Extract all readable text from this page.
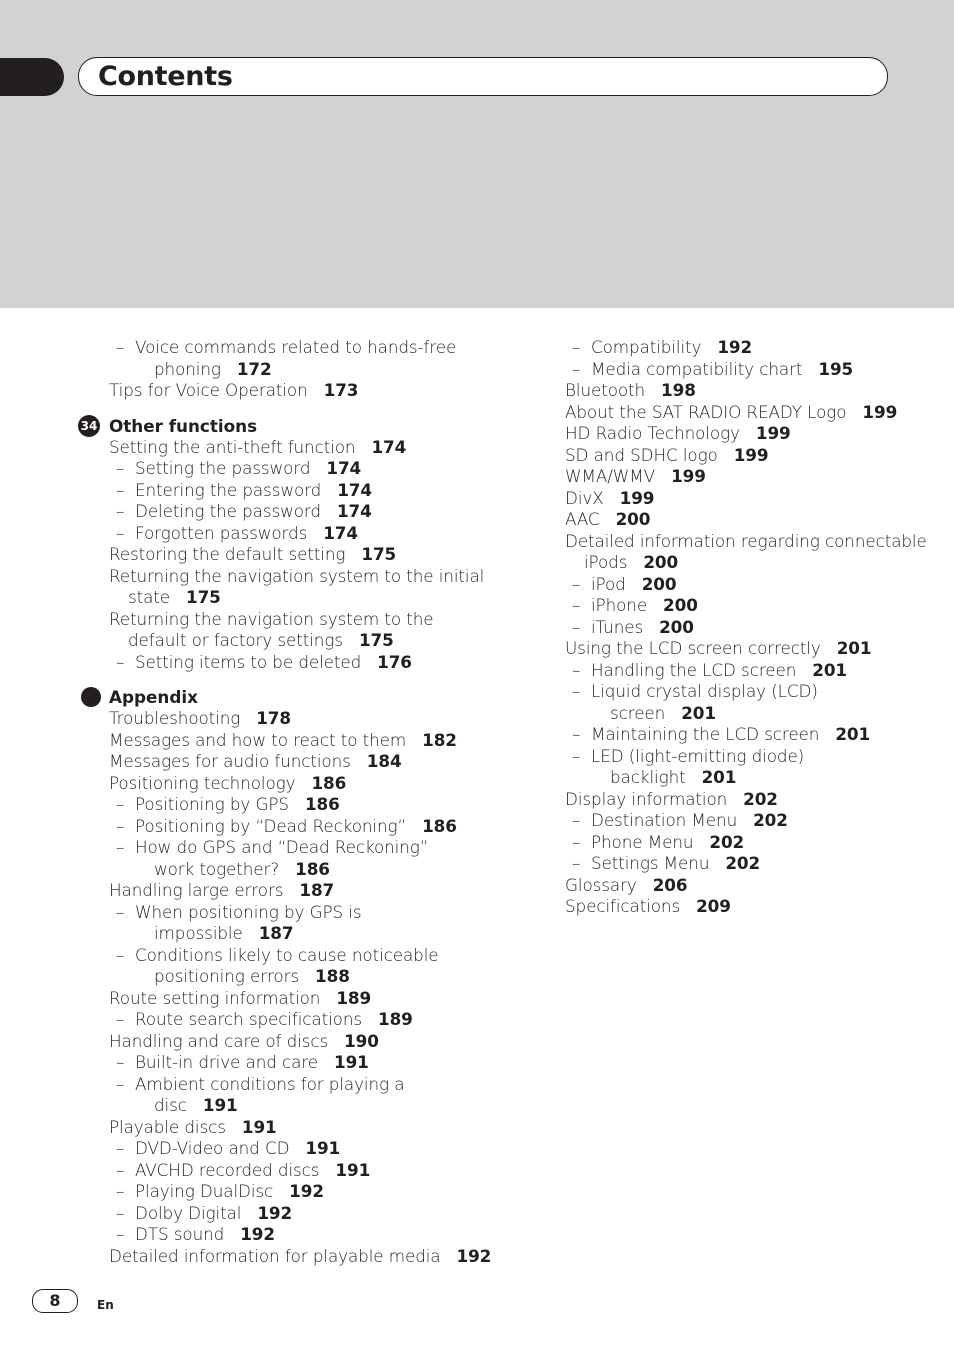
Contents
– Voice commands related to hands-free
phoning 172
Tips for Voice Operation 173
34 Other functions
Setting the anti-theft function 174
– Setting the password 174
– Entering the password 174
– Deleting the password 174
– Forgotten passwords 174
Restoring the default setting 175
Returning the navigation system to the initial
state 175
Returning the navigation system to the
default or factory settings 175
– Setting items to be deleted 176
Appendix
Troubleshooting 178
Messages and how to react to them 182
Messages for audio functions 184
Positioning technology 186
– Positioning by GPS 186
– Positioning by “Dead Reckoning” 186
– How do GPS and “Dead Reckoning”
work together? 186
Handling large errors 187
– When positioning by GPS is
impossible 187
– Conditions likely to cause noticeable
positioning errors 188
Route setting information 189
– Route search specifications 189
Handling and care of discs 190
– Built-in drive and care 191
– Ambient conditions for playing a
disc 191
Playable discs 191
– DVD-Video and CD 191
– AVCHD recorded discs 191
– Playing DualDisc 192
– Dolby Digital 192
– DTS sound 192
Detailed information for playable media 192
– Compatibility 192
– Media compatibility chart 195
Bluetooth 198
About the SAT RADIO READY Logo 199
HD Radio Technology 199
SD and SDHC logo 199
WMA/WMV 199
DivX 199
AAC 200
Detailed information regarding connectable
iPods 200
– iPod 200
– iPhone 200
– iTunes 200
Using the LCD screen correctly 201
– Handling the LCD screen 201
– Liquid crystal display (LCD)
screen 201
– Maintaining the LCD screen 201
– LED (light-emitting diode)
backlight 201
Display information 202
– Destination Menu 202
– Phone Menu 202
– Settings Menu 202
Glossary 206
Specifications 209
8	En
